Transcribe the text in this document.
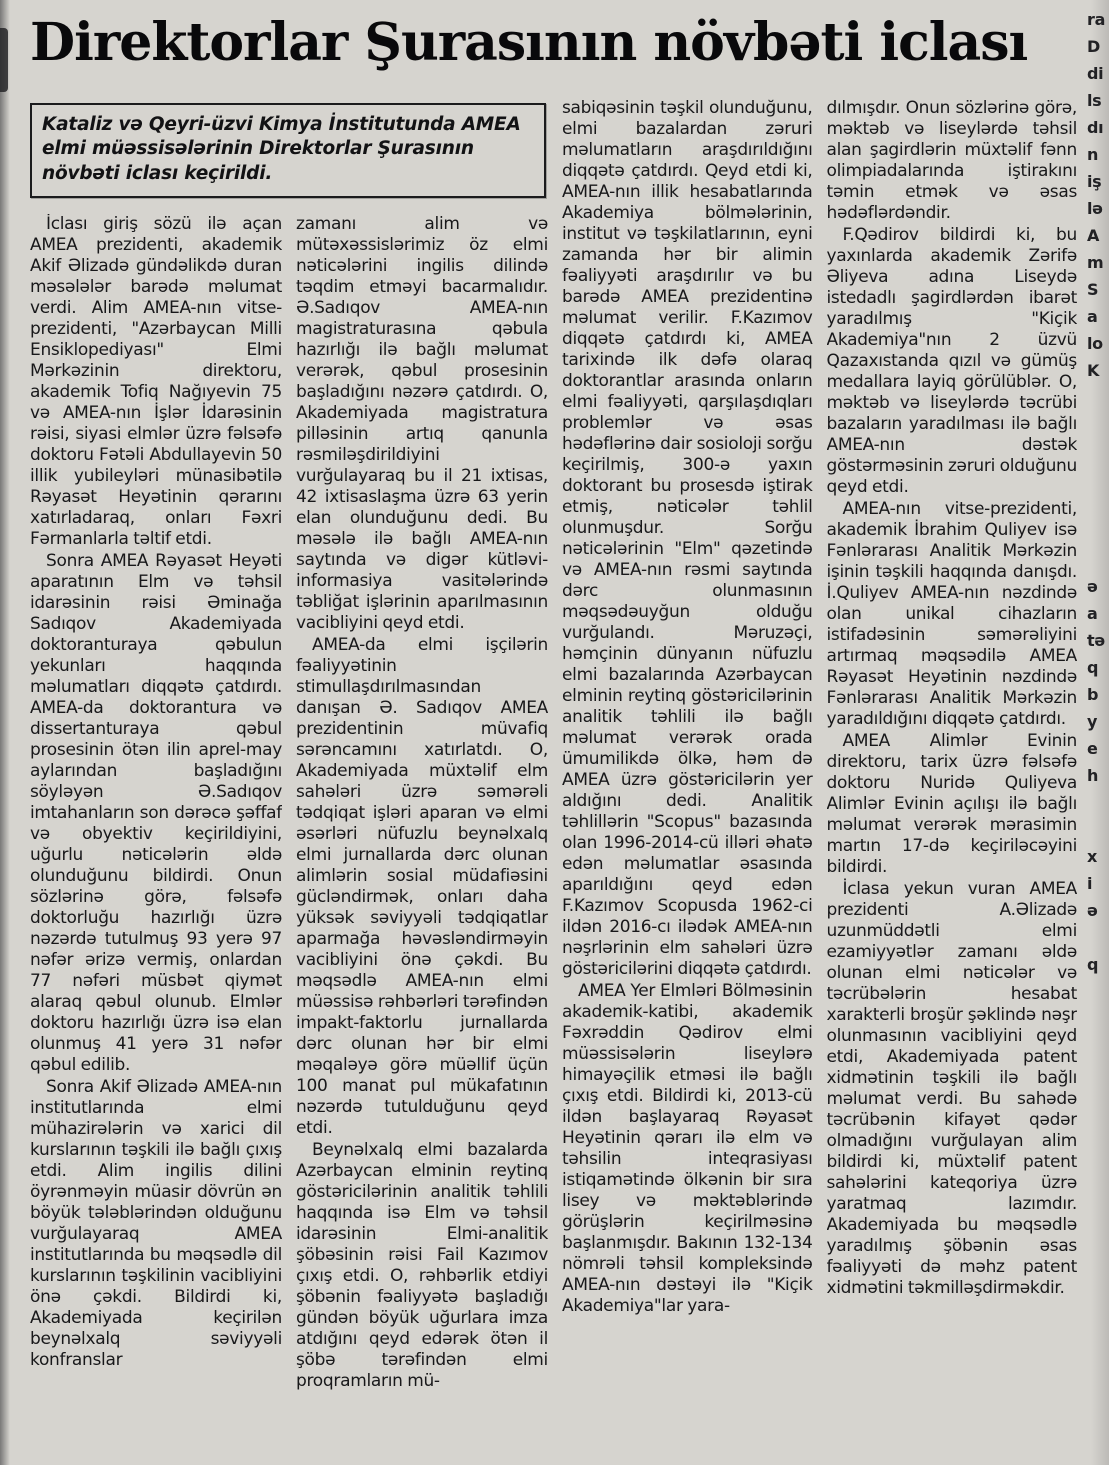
Direktorlar Şurasının növbəti iclası

Kataliz və Qeyri-üzvi Kimya İnstitutunda AMEA elmi müəssisələrinin Direktorlar Şurasının növbəti iclası keçirildi.

İclası giriş sözü ilə açan AMEA prezidenti, akademik Akif Əlizadə gündəlikdə duran məsələlər barədə məlumat verdi. Alim AMEA-nın vitse-prezidenti, "Azərbaycan Milli Ensiklopediyası" Elmi Mərkəzinin direktoru, akademik Tofiq Nağıyevin 75 və AMEA-nın İşlər İdarəsinin rəisi, siyasi elmlər üzrə fəlsəfə doktoru Fətəli Abdullayevin 50 illik yubileyləri münasibətilə Rəyasət Heyətinin qərarını xatırladaraq, onları Fəxri Fərmanlarla təltif etdi.

Sonra AMEA Rəyasət Heyəti aparatının Elm və təhsil idarəsinin rəisi Əminağa Sadıqov Akademiyada doktoranturaya qəbulun yekunları haqqında məlumatları diqqətə çatdırdı. AMEA-da doktorantura və dissertanturaya qəbul prosesinin ötən ilin aprel-may aylarından başladığını söyləyən Ə.Sadıqov imtahanların son dərəcə şəffaf və obyektiv keçirildiyini, uğurlu nəticələrin əldə olunduğunu bildirdi. Onun sözlərinə görə, fəlsəfə doktorluğu hazırlığı üzrə nəzərdə tutulmuş 93 yerə 97 nəfər ərizə vermiş, onlardan 77 nəfəri müsbət qiymət alaraq qəbul olunub. Elmlər doktoru hazırlığı üzrə isə elan olunmuş 41 yerə 31 nəfər qəbul edilib.

Sonra Akif Əlizadə AMEA-nın institutlarında elmi mühazirələrin və xarici dil kurslarının təşkili ilə bağlı çıxış etdi. Alim ingilis dilini öyrənməyin müasir dövrün ən böyük tələblərindən olduğunu vurğulayaraq AMEA institutlarında bu məqsədlə dil kurslarının təşkilinin vacibliyini önə çəkdi. Bildirdi ki, Akademiyada keçirilən beynəlxalq səviyyəli konfranslar

zamanı alim və mütəxəssislərimiz öz elmi nəticələrini ingilis dilində təqdim etməyi bacarmalıdır. Ə.Sadıqov AMEA-nın magistraturasına qəbula hazırlığı ilə bağlı məlumat verərək, qəbul prosesinin başladığını nəzərə çatdırdı. O, Akademiyada magistratura pilləsinin artıq qanunla rəsmiləşdirildiyini vurğulayaraq bu il 21 ixtisas, 42 ixtisaslaşma üzrə 63 yerin elan olunduğunu dedi. Bu məsələ ilə bağlı AMEA-nın saytında və digər kütləvi-informasiya vasitələrində təbliğat işlərinin aparılmasının vacibliyini qeyd etdi.

AMEA-da elmi işçilərin fəaliyyətinin stimullaşdırılmasından danışan Ə. Sadıqov AMEA prezidentinin müvafiq sərəncamını xatırlatdı. O, Akademiyada müxtəlif elm sahələri üzrə səmərəli tədqiqat işləri aparan və elmi əsərləri nüfuzlu beynəlxalq elmi jurnallarda dərc olunan alimlərin sosial müdafiəsini gücləndirmək, onları daha yüksək səviyyəli tədqiqatlar aparmağa həvəsləndirməyin vacibliyini önə çəkdi. Bu məqsədlə AMEA-nın elmi müəssisə rəhbərləri tərəfindən impakt-faktorlu jurnallarda dərc olunan hər bir elmi məqaləyə görə müəllif üçün 100 manat pul mükafatının nəzərdə tutulduğunu qeyd etdi.

Beynəlxalq elmi bazalarda Azərbaycan elminin reytinq göstəricilərinin analitik təhlili haqqında isə Elm və təhsil idarəsinin Elmi-analitik şöbəsinin rəisi Fail Kazımov çıxış etdi. O, rəhbərlik etdiyi şöbənin fəaliyyətə başladığı gündən böyük uğurlara imza atdığını qeyd edərək ötən il şöbə tərəfindən elmi proqramların mü-

sabiqəsinin təşkil olunduğunu, elmi bazalardan zəruri məlumatların araşdırıldığını diqqətə çatdırdı. Qeyd etdi ki, AMEA-nın illik hesabatlarında Akademiya bölmələrinin, institut və təşkilatlarının, eyni zamanda hər bir alimin fəaliyyəti araşdırılır və bu barədə AMEA prezidentinə məlumat verilir. F.Kazımov diqqətə çatdırdı ki, AMEA tarixində ilk dəfə olaraq doktorantlar arasında onların elmi fəaliyyəti, qarşılaşdıqları problemlər və əsas hədəflərinə dair sosioloji sorğu keçirilmiş, 300-ə yaxın doktorant bu prosesdə iştirak etmiş, nəticələr təhlil olunmuşdur. Sorğu nəticələrinin "Elm" qəzetində və AMEA-nın rəsmi saytında dərc olunmasının məqsədəuyğun olduğu vurğulandı. Məruzəçi, həmçinin dünyanın nüfuzlu elmi bazalarında Azərbaycan elminin reytinq göstəricilərinin analitik təhlili ilə bağlı məlumat verərək orada ümumilikdə ölkə, həm də AMEA üzrə göstəricilərin yer aldığını dedi. Analitik təhlillərin "Scopus" bazasında olan 1996-2014-cü illəri əhatə edən məlumatlar əsasında aparıldığını qeyd edən F.Kazımov Scopusda 1962-ci ildən 2016-cı ilədək AMEA-nın nəşrlərinin elm sahələri üzrə göstəricilərini diqqətə çatdırdı.

AMEA Yer Elmləri Bölməsinin akademik-katibi, akademik Fəxrəddin Qədirov elmi müəssisələrin liseylərə himayəçilik etməsi ilə bağlı çıxış etdi. Bildirdi ki, 2013-cü ildən başlayaraq Rəyasət Heyətinin qərarı ilə elm və təhsilin inteqrasiyası istiqamətində ölkənin bir sıra lisey və məktəblərində görüşlərin keçirilməsinə başlanmışdır. Bakının 132-134 nömrəli təhsil kompleksində AMEA-nın dəstəyi ilə "Kiçik Akademiya"lar yara-

dılmışdır. Onun sözlərinə görə, məktəb və liseylərdə təhsil alan şagirdlərin müxtəlif fənn olimpiadalarında iştirakını təmin etmək və əsas hədəflərdəndir.

F.Qədirov bildirdi ki, bu yaxınlarda akademik Zərifə Əliyeva adına Liseydə istedadlı şagirdlərdən ibarət yaradılmış "Kiçik Akademiya"nın 2 üzvü Qazaxıstanda qızıl və gümüş medallara layiq görülüblər. O, məktəb və liseylərdə təcrübi bazaların yaradılması ilə bağlı AMEA-nın dəstək göstərməsinin zəruri olduğunu qeyd etdi.

AMEA-nın vitse-prezidenti, akademik İbrahim Quliyev isə Fənlərarası Analitik Mərkəzin işinin təşkili haqqında danışdı. İ.Quliyev AMEA-nın nəzdində olan unikal cihazların istifadəsinin səmərəliyini artırmaq məqsədilə AMEA Rəyasət Heyətinin nəzdində Fənlərarası Analitik Mərkəzin yaradıldığını diqqətə çatdırdı.

AMEA Alimlər Evinin direktoru, tarix üzrə fəlsəfə doktoru Nuridə Quliyeva Alimlər Evinin açılışı ilə bağlı məlumat verərək mərasimin martın 17-də keçiriləcəyini bildirdi.

İclasa yekun vuran AMEA prezidenti A.Əlizadə uzunmüddətli elmi ezamiyyətlər zamanı əldə olunan elmi nəticələr və təcrübələrin hesabat xarakterli broşür şəklində nəşr olunmasının vacibliyini qeyd etdi, Akademiyada patent xidmətinin təşkili ilə bağlı məlumat verdi. Bu sahədə təcrübənin kifayət qədər olmadığını vurğulayan alim bildirdi ki, müxtəlif patent sahələrini kateqoriya üzrə yaratmaq lazımdır. Akademiyada bu məqsədlə yaradılmış şöbənin əsas fəaliyyəti də məhz patent xidmətini təkmilləşdirməkdir.

ra
D
di
ls
dı
n
iş
lə
A
m
S
a
lo
K
ə
a
tə
q
b
y
e
h
x
i
ə
q
